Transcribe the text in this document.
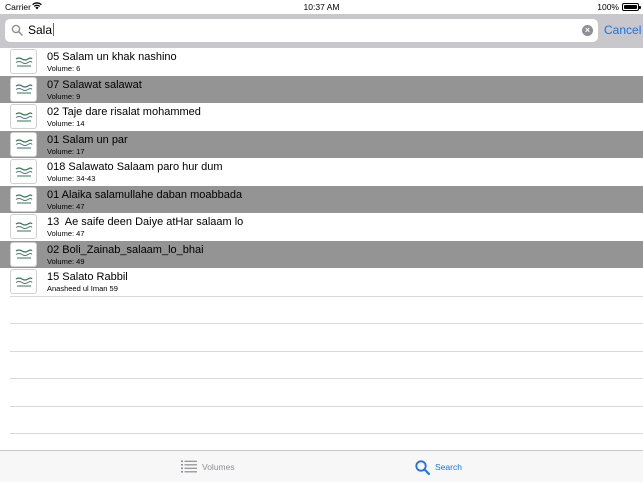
Carrier	10:37 AM	100%
Sala	× Cancel
05 Salam un khak nashino
Volume: 6
07 Salawat salawat
Volume: 9
02 Taje dare risalat mohammed
Volume: 14
01 Salam un par
Volume: 17
018 Salawato Salaam paro hur dum
Volume: 34-43
01 Alaika salamullahe daban moabbada
Volume: 47
13  Ae saife deen Daiye atHar salaam lo
Volume: 47
02 Boli_Zainab_salaam_lo_bhai
Volume: 49
15 Salato Rabbil
Anasheed ul Iman 59
Volumes	Search
